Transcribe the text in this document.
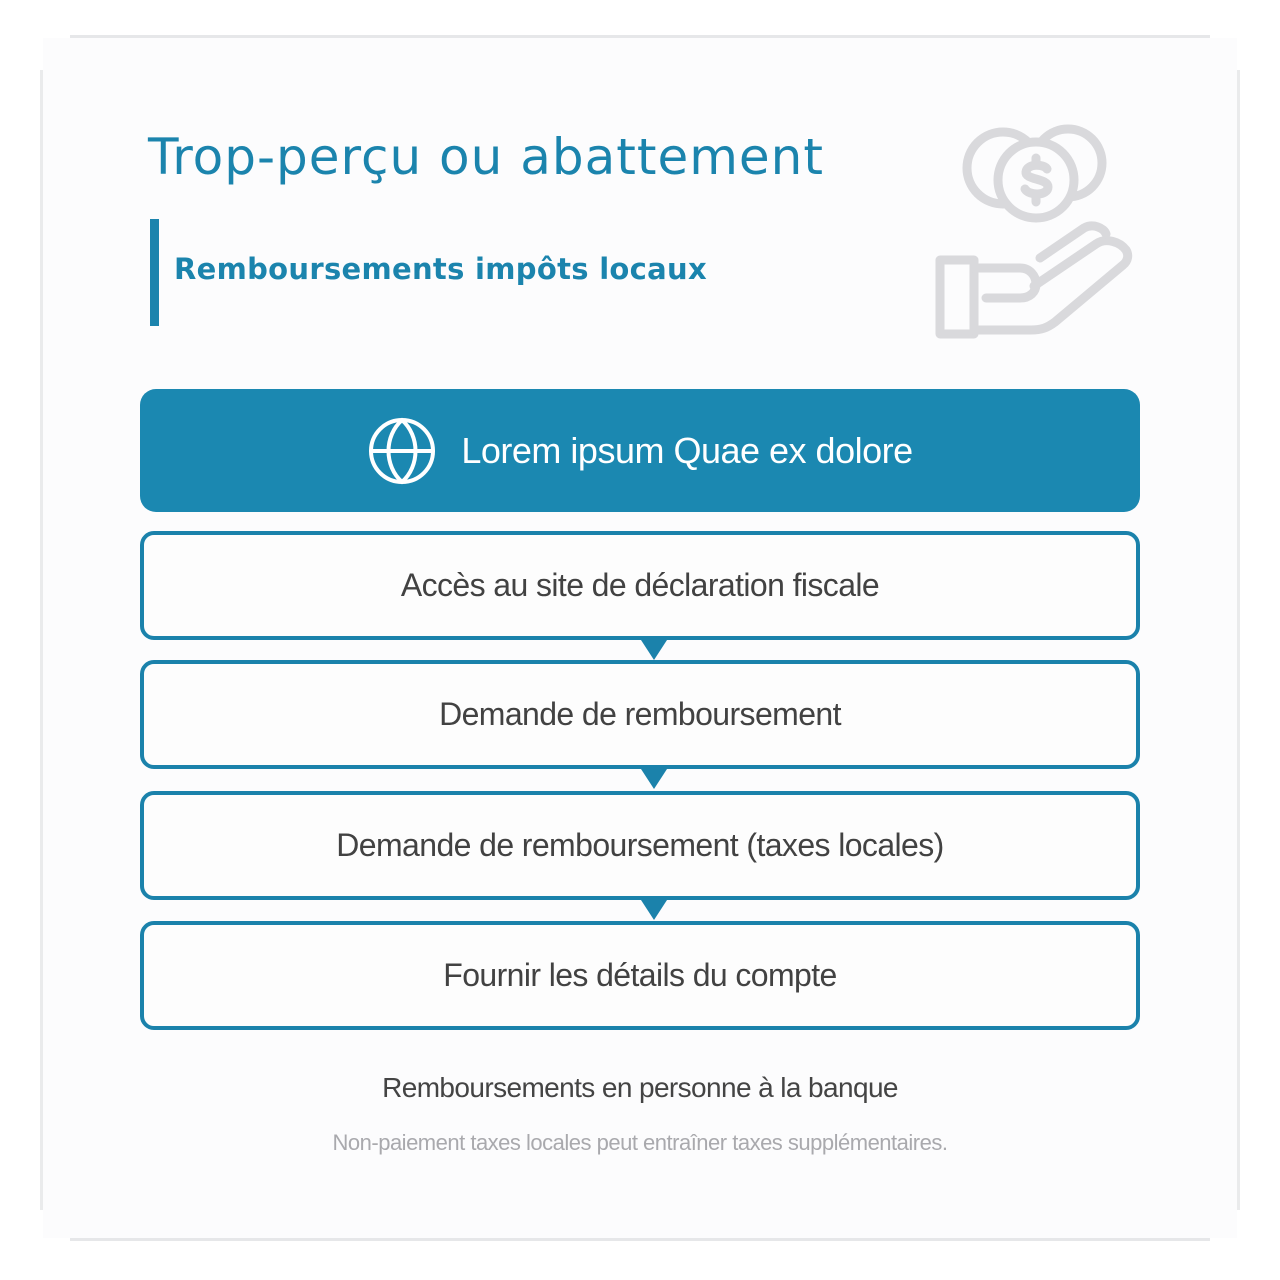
Trop-perçu ou abattement
Remboursements impôts locaux
Lorem ipsum Quae ex dolore
Accès au site de déclaration fiscale
Demande de remboursement
Demande de remboursement (taxes locales)
Fournir les détails du compte

Remboursements en personne à la banque

Non-paiement taxes locales peut entraîner taxes supplémentaires.
